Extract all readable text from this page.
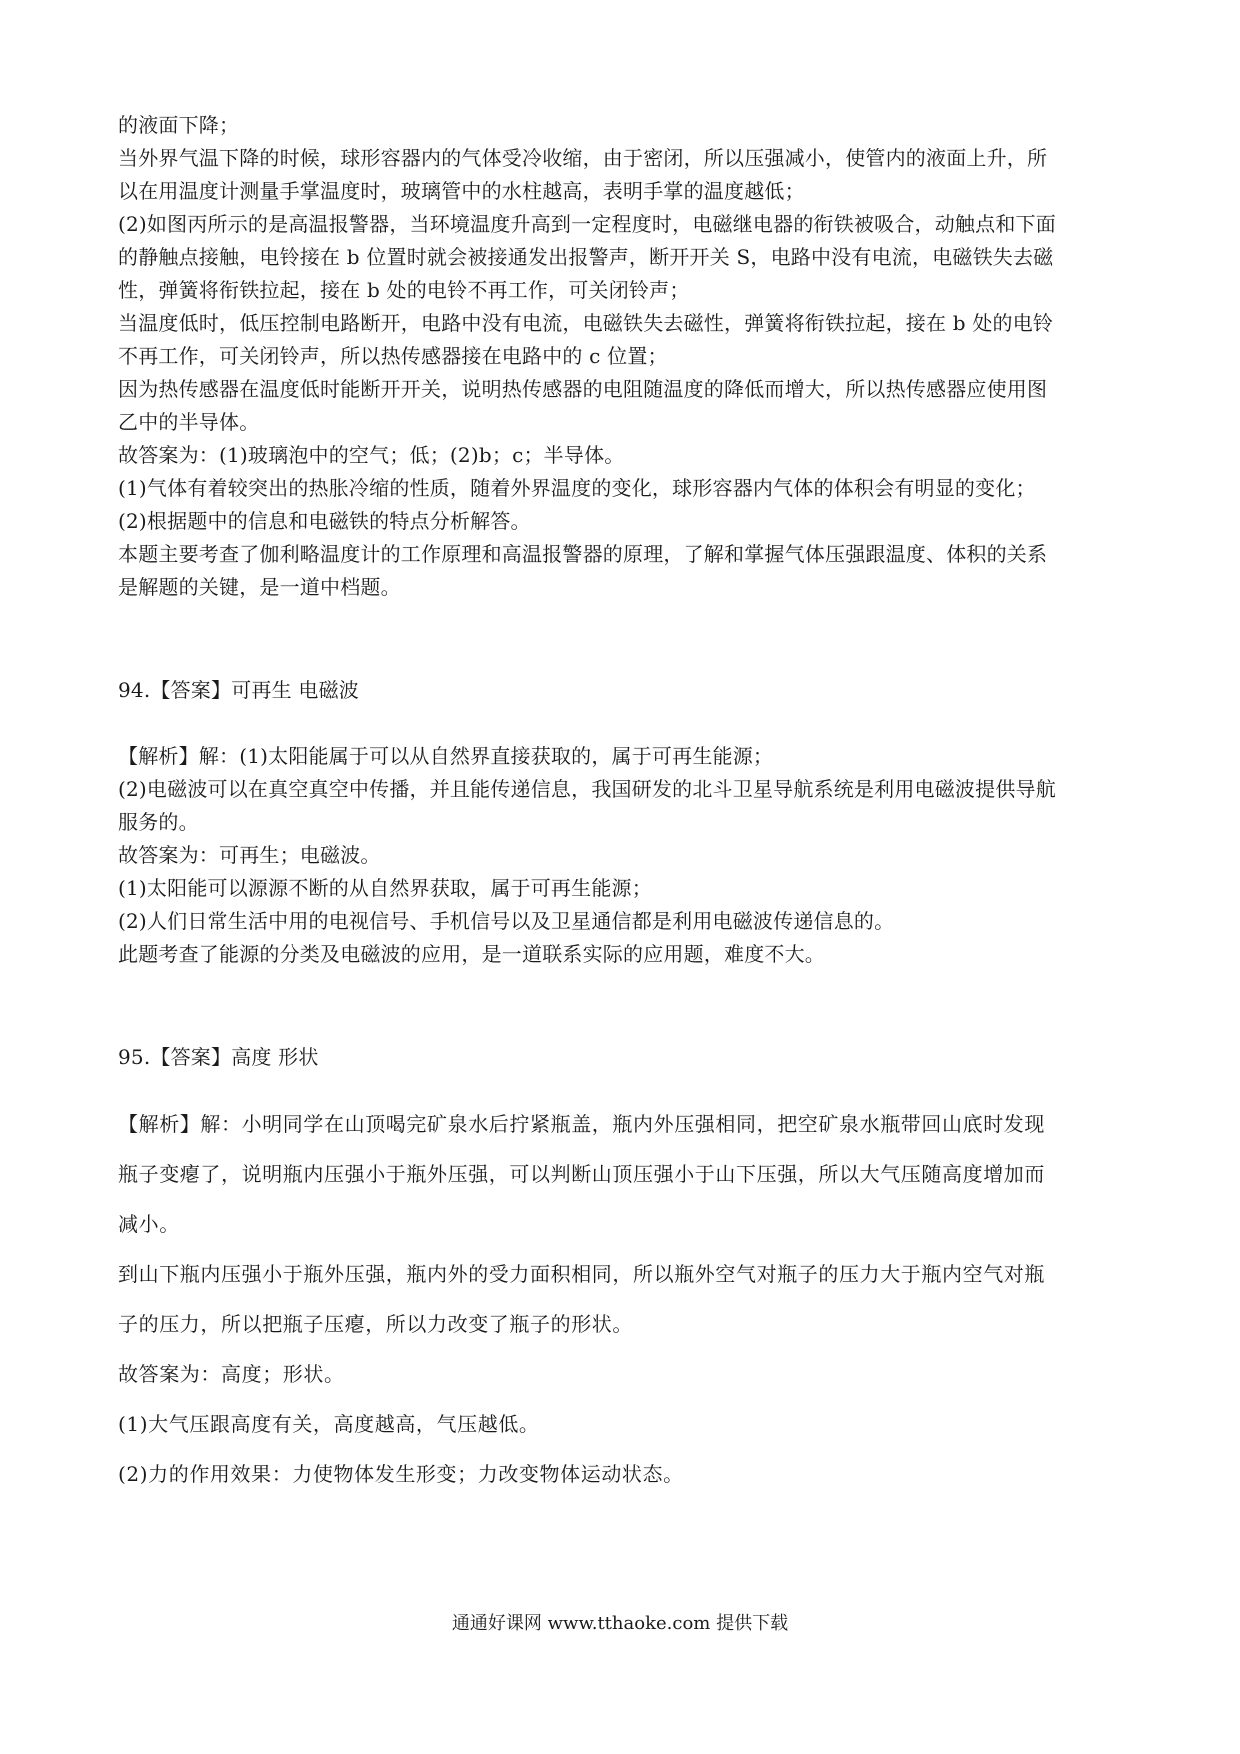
的液面下降；
当外界气温下降的时候，球形容器内的气体受冷收缩，由于密闭，所以压强减小，使管内的液面上升，所
以在用温度计测量手掌温度时，玻璃管中的水柱越高，表明手掌的温度越低；
(2)如图丙所示的是高温报警器，当环境温度升高到一定程度时，电磁继电器的衔铁被吸合，动触点和下面
的静触点接触，电铃接在 b 位置时就会被接通发出报警声，断开开关 S，电路中没有电流，电磁铁失去磁
性，弹簧将衔铁拉起，接在 b 处的电铃不再工作，可关闭铃声；
当温度低时，低压控制电路断开，电路中没有电流，电磁铁失去磁性，弹簧将衔铁拉起，接在 b 处的电铃
不再工作，可关闭铃声，所以热传感器接在电路中的 c 位置；
因为热传感器在温度低时能断开开关，说明热传感器的电阻随温度的降低而增大，所以热传感器应使用图
乙中的半导体。
故答案为：(1)玻璃泡中的空气；低；(2)b；c；半导体。
(1)气体有着较突出的热胀冷缩的性质，随着外界温度的变化，球形容器内气体的体积会有明显的变化；
(2)根据题中的信息和电磁铁的特点分析解答。
本题主要考查了伽利略温度计的工作原理和高温报警器的原理，了解和掌握气体压强跟温度、体积的关系
是解题的关键，是一道中档题。
94.【答案】可再生 电磁波
【解析】解：(1)太阳能属于可以从自然界直接获取的，属于可再生能源；
(2)电磁波可以在真空真空中传播，并且能传递信息，我国研发的北斗卫星导航系统是利用电磁波提供导航
服务的。
故答案为：可再生；电磁波。
(1)太阳能可以源源不断的从自然界获取，属于可再生能源；
(2)人们日常生活中用的电视信号、手机信号以及卫星通信都是利用电磁波传递信息的。
此题考查了能源的分类及电磁波的应用，是一道联系实际的应用题，难度不大。
95.【答案】高度 形状
【解析】解：小明同学在山顶喝完矿泉水后拧紧瓶盖，瓶内外压强相同，把空矿泉水瓶带回山底时发现
瓶子变瘪了，说明瓶内压强小于瓶外压强，可以判断山顶压强小于山下压强，所以大气压随高度增加而
减小。
到山下瓶内压强小于瓶外压强，瓶内外的受力面积相同，所以瓶外空气对瓶子的压力大于瓶内空气对瓶
子的压力，所以把瓶子压瘪，所以力改变了瓶子的形状。
故答案为：高度；形状。
(1)大气压跟高度有关，高度越高，气压越低。
(2)力的作用效果：力使物体发生形变；力改变物体运动状态。
通通好课网 www.tthaoke.com 提供下载
